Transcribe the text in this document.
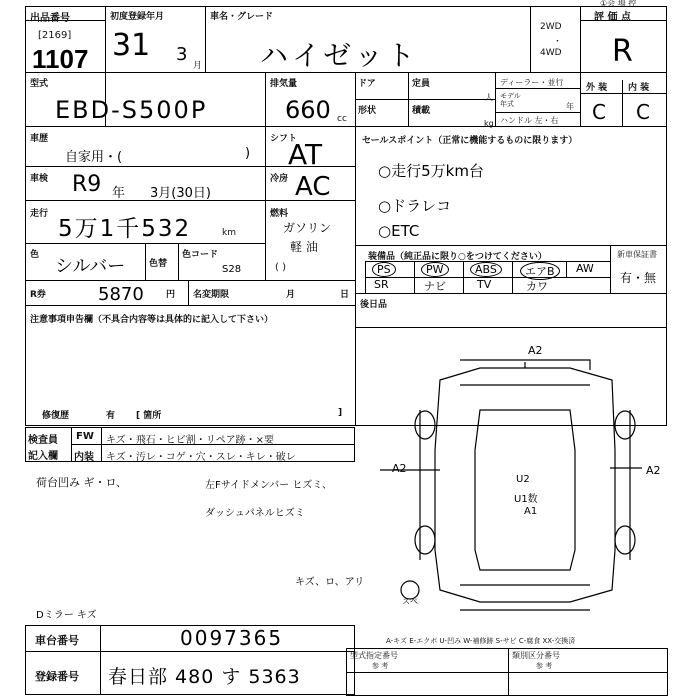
出品番号
[2169]
1107
初度登録年月
31 3
月
車名・グレード
ハイゼット
2WD
・
4WD
評 価 点
①会 場 控
R
型式
EBD-S500P
排気量
660 cc
ドア	定員
形状	積載
人
kg
ディーラー・並行
モデル
年式	年
ハンドル 左・右
外 装 内 装
C C
車歴
自家用・(	)
シフト
AT
車検 R9 年 3月(30日)
冷房 AC
走行
5万1千532	km
燃料
ガソリン
軽 油
( )
色
シルバー	色替
色コード
S28
R券	5870 円 名変期限	月	日
セールスポイント（正常に機能するものに限ります）
○走行5万km台
○ドラレコ
○ETC
装備品（純正品に限り○をつけてください）	新車保証書
有・無
PS	PW	ABS	エアB	AW
SR	ナビ	TV	カワ
後日品
注意事項申告欄（不具合内容等は具体的に記入して下さい）
修復歴	有 [ 箇所	]
検査員
記入欄
FW キズ・飛石・ヒビ割・リペア跡・×要
内装 キズ・汚レ・コゲ・穴・スレ・キレ・破レ
荷台凹み ギ・ロ、	左Fサイドメンバー ヒズミ、
ダッシュパネルヒズミ
キズ、ロ、アリ
Dミラー キズ
A2
A2	A2
U2
U1数
A1
スペ
A-キズ E-エクボ U-凹み W-補修跡 S-サビ C-腐食 XX-交換済
車台番号	0097365
登録番号 春日部 480 す 5363
型式指定番号
参 考
類別区分番号
参 考
